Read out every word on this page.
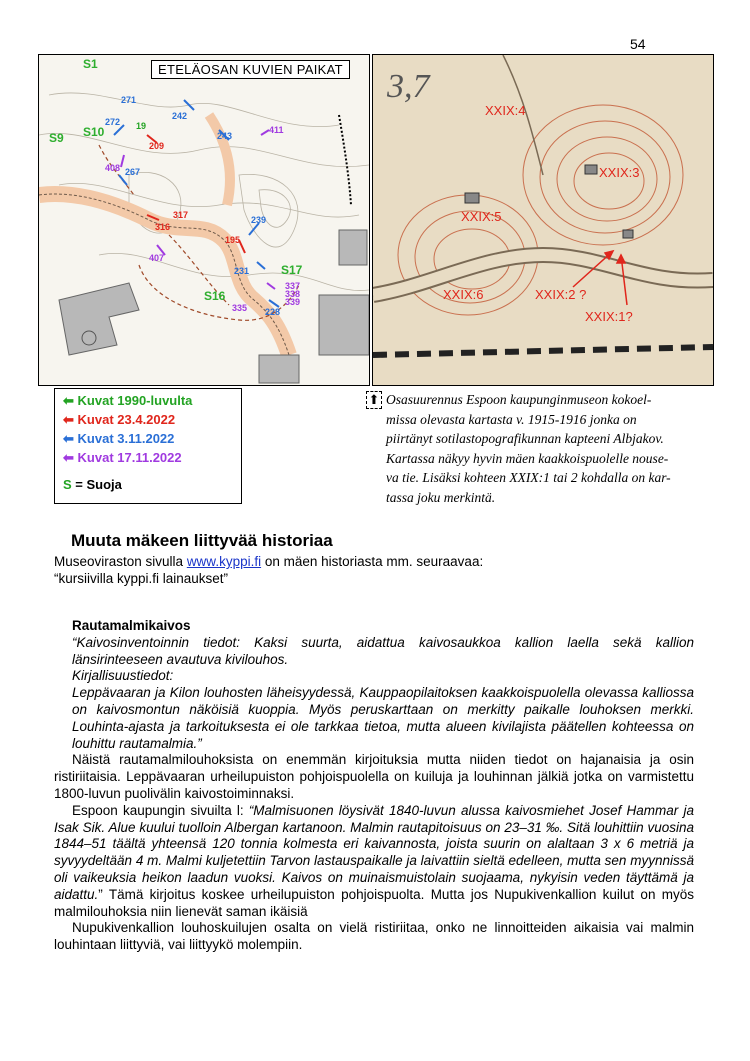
54
ETELÄOSAN KUVIEN PAIKAT
S1
S9 S10
S16
S17
19
209
195
316
317
271
272
242
243
267
239
231
228
411
408
407
335
337
338
339
3,7
XXIX:4
XXIX:3
XXIX:5
XXIX:6	XXIX:2 ?
XXIX:1?
⬅ Kuvat 1990-luvulta
⬅ Kuvat 23.4.2022
⬅ Kuvat 3.11.2022
⬅ Kuvat 17.11.2022
S = Suoja
⬆ Osasuurennus Espoon kaupunginmuseon kokoel-

missa olevasta kartasta v. 1915-1916 jonka on

piirtänyt sotilastopografikunnan kapteeni Albjakov.

Kartassa näkyy hyvin mäen kaakkoispuolelle nouse-

va tie. Lisäksi kohteen XXIX:1 tai 2 kohdalla on kar-

tassa joku merkintä.

Muuta mäkeen liittyvää historiaa
Museoviraston sivulla www.kyppi.fi on mäen historiasta mm. seuraavaa:
“kursiivilla kyppi.fi lainaukset”

Rautamalmikaivos

“Kaivosinventoinnin tiedot: Kaksi suurta, aidattua kaivosaukkoa kallion laella sekä kallion länsirinteeseen avautuva kivilouhos.

Kirjallisuustiedot:

Leppävaaran ja Kilon louhosten läheisyydessä, Kauppaopilaitoksen kaakkoispuolella olevassa kalliossa on kaivosmontun näköisiä kuoppia. Myös peruskarttaan on merkitty paikalle louhoksen merkki. Louhinta-ajasta ja tarkoituksesta ei ole tarkkaa tietoa, mutta alueen kivilajista päätellen kohteessa on louhittu rautamalmia.”

Näistä rautamalmilouhoksista on enemmän kirjoituksia mutta niiden tiedot on hajanaisia ja osin ristiriitaisia. Leppävaaran urheilupuiston pohjoispuolella on kuiluja ja louhinnan jälkiä jotka on varmistettu 1800-luvun puolivälin kaivostoiminnaksi.

Espoon kaupungin sivuilta l: “Malmisuonen löysivät 1840-luvun alussa kaivosmiehet Josef Hammar ja Isak Sik. Alue kuului tuolloin Albergan kartanoon. Malmin rautapitoisuus on 23–31 ‰. Sitä louhittiin vuosina 1844–51 täältä yhteensä 120 tonnia kolmesta eri kaivannosta, joista suurin on alaltaan 3 x 6 metriä ja syvyydeltään 4 m. Malmi kuljetettiin Tarvon lastauspaikalle ja laivattiin sieltä edelleen, mutta sen myynnissä oli vaikeuksia heikon laadun vuoksi. Kaivos on muinaismuistolain suojaama, nykyisin veden täyttämä ja aidattu.” Tämä kirjoitus koskee urheilupuiston pohjoispuolta. Mutta jos Nupukivenkallion kuilut on myös malmilouhoksia niin lienevät saman ikäisiä

Nupukivenkallion louhoskuilujen osalta on vielä ristiriitaa, onko ne linnoitteiden aikaisia vai malmin louhintaan liittyviä, vai liittyykö molempiin.
